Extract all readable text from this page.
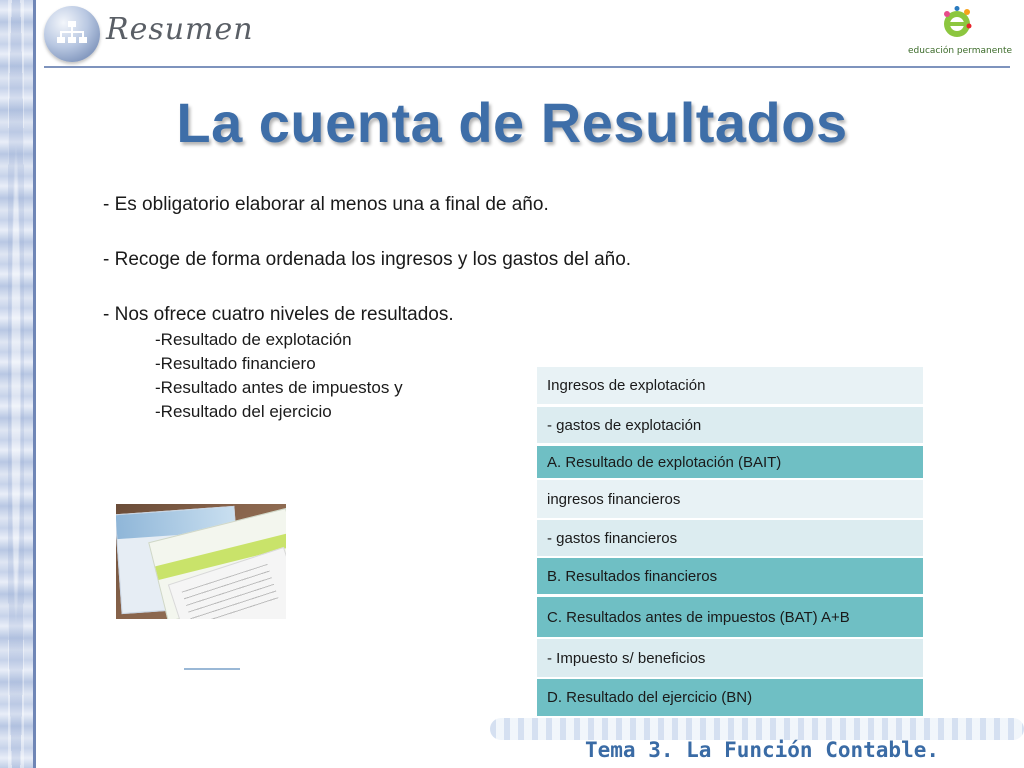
Resumen
educación permanente
La cuenta de Resultados
- Es obligatorio elaborar al menos una a final de año.
- Recoge de forma ordenada los ingresos y los gastos del año.
- Nos ofrece cuatro niveles de resultados.
-Resultado de explotación
-Resultado financiero
-Resultado antes de impuestos y
-Resultado del ejercicio
Ingresos de explotación
- gastos de explotación
A. Resultado de explotación (BAIT)
ingresos financieros
- gastos financieros
B. Resultados financieros
C. Resultados antes de impuestos (BAT) A+B
- Impuesto s/ beneficios
D. Resultado del ejercicio (BN)
Tema 3. La Función Contable.
